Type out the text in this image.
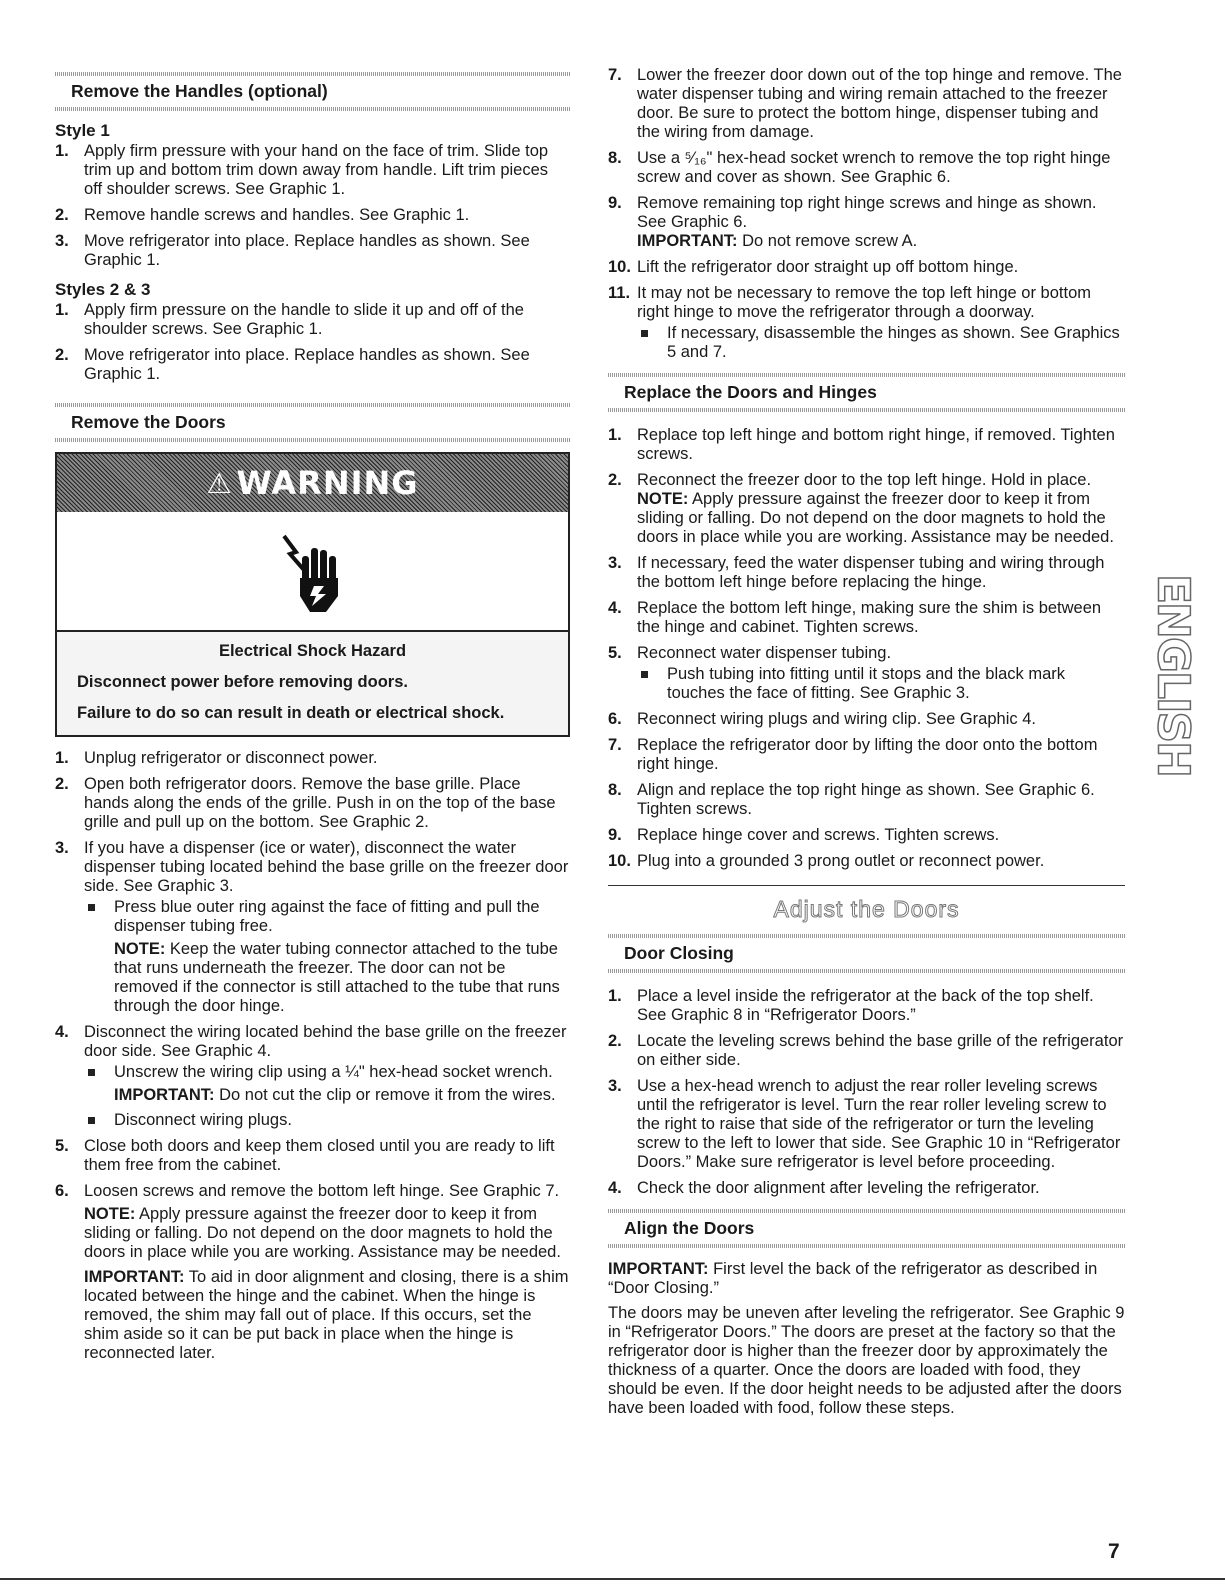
Remove the Handles (optional)
Style 1
1. Apply firm pressure with your hand on the face of trim. Slide top trim up and bottom trim down away from handle. Lift trim pieces off shoulder screws. See Graphic 1.
2. Remove handle screws and handles. See Graphic 1.
3. Move refrigerator into place. Replace handles as shown. See Graphic 1.
Styles 2 & 3
1. Apply firm pressure on the handle to slide it up and off of the shoulder screws. See Graphic 1.
2. Move refrigerator into place. Replace handles as shown. See Graphic 1.
Remove the Doors
⚠ WARNING
Electrical Shock Hazard
Disconnect power before removing doors.
Failure to do so can result in death or electrical shock.
1. Unplug refrigerator or disconnect power.
2. Open both refrigerator doors. Remove the base grille. Place hands along the ends of the grille. Push in on the top of the base grille and pull up on the bottom. See Graphic 2.
3. If you have a dispenser (ice or water), disconnect the water dispenser tubing located behind the base grille on the freezer door side. See Graphic 3.
Press blue outer ring against the face of fitting and pull the dispenser tubing free.

NOTE: Keep the water tubing connector attached to the tube that runs underneath the freezer. The door can not be removed if the connector is still attached to the tube that runs through the door hinge.

4. Disconnect the wiring located behind the base grille on the freezer door side. See Graphic 4.
Unscrew the wiring clip using a ¼" hex-head socket wrench.

IMPORTANT: Do not cut the clip or remove it from the wires.

Disconnect wiring plugs.
5. Close both doors and keep them closed until you are ready to lift them free from the cabinet.
6. Loosen screws and remove the bottom left hinge. See Graphic 7.

NOTE: Apply pressure against the freezer door to keep it from sliding or falling. Do not depend on the door magnets to hold the doors in place while you are working. Assistance may be needed.

IMPORTANT: To aid in door alignment and closing, there is a shim located between the hinge and the cabinet. When the hinge is removed, the shim may fall out of place. If this occurs, set the shim aside so it can be put back in place when the hinge is reconnected later.

7. Lower the freezer door down out of the top hinge and remove. The water dispenser tubing and wiring remain attached to the freezer door. Be sure to protect the bottom hinge, dispenser tubing and the wiring from damage.
8. Use a ⁵⁄₁₆" hex-head socket wrench to remove the top right hinge screw and cover as shown. See Graphic 6.
9. Remove remaining top right hinge screws and hinge as shown. See Graphic 6.
IMPORTANT: Do not remove screw A.
10. Lift the refrigerator door straight up off bottom hinge.
11. It may not be necessary to remove the top left hinge or bottom right hinge to move the refrigerator through a doorway.
If necessary, disassemble the hinges as shown. See Graphics 5 and 7.
Replace the Doors and Hinges
1. Replace top left hinge and bottom right hinge, if removed. Tighten screws.
2. Reconnect the freezer door to the top left hinge. Hold in place.
NOTE: Apply pressure against the freezer door to keep it from sliding or falling. Do not depend on the door magnets to hold the doors in place while you are working. Assistance may be needed.
3. If necessary, feed the water dispenser tubing and wiring through the bottom left hinge before replacing the hinge.
4. Replace the bottom left hinge, making sure the shim is between the hinge and cabinet. Tighten screws.
5. Reconnect water dispenser tubing.
Push tubing into fitting until it stops and the black mark touches the face of fitting. See Graphic 3.
6. Reconnect wiring plugs and wiring clip. See Graphic 4.
7. Replace the refrigerator door by lifting the door onto the bottom right hinge.
8. Align and replace the top right hinge as shown. See Graphic 6. Tighten screws.
9. Replace hinge cover and screws. Tighten screws.
10. Plug into a grounded 3 prong outlet or reconnect power.
Adjust the Doors
Door Closing
1. Place a level inside the refrigerator at the back of the top shelf. See Graphic 8 in “Refrigerator Doors.”
2. Locate the leveling screws behind the base grille of the refrigerator on either side.
3. Use a hex-head wrench to adjust the rear roller leveling screws until the refrigerator is level. Turn the rear roller leveling screw to the right to raise that side of the refrigerator or turn the leveling screw to the left to lower that side. See Graphic 10 in “Refrigerator Doors.” Make sure refrigerator is level before proceeding.
4. Check the door alignment after leveling the refrigerator.
Align the Doors

IMPORTANT: First level the back of the refrigerator as described in “Door Closing.”

The doors may be uneven after leveling the refrigerator. See Graphic 9 in “Refrigerator Doors.” The doors are preset at the factory so that the refrigerator door is higher than the freezer door by approximately the thickness of a quarter. Once the doors are loaded with food, they should be even. If the door height needs to be adjusted after the doors have been loaded with food, follow these steps.

ENGLISH
7
